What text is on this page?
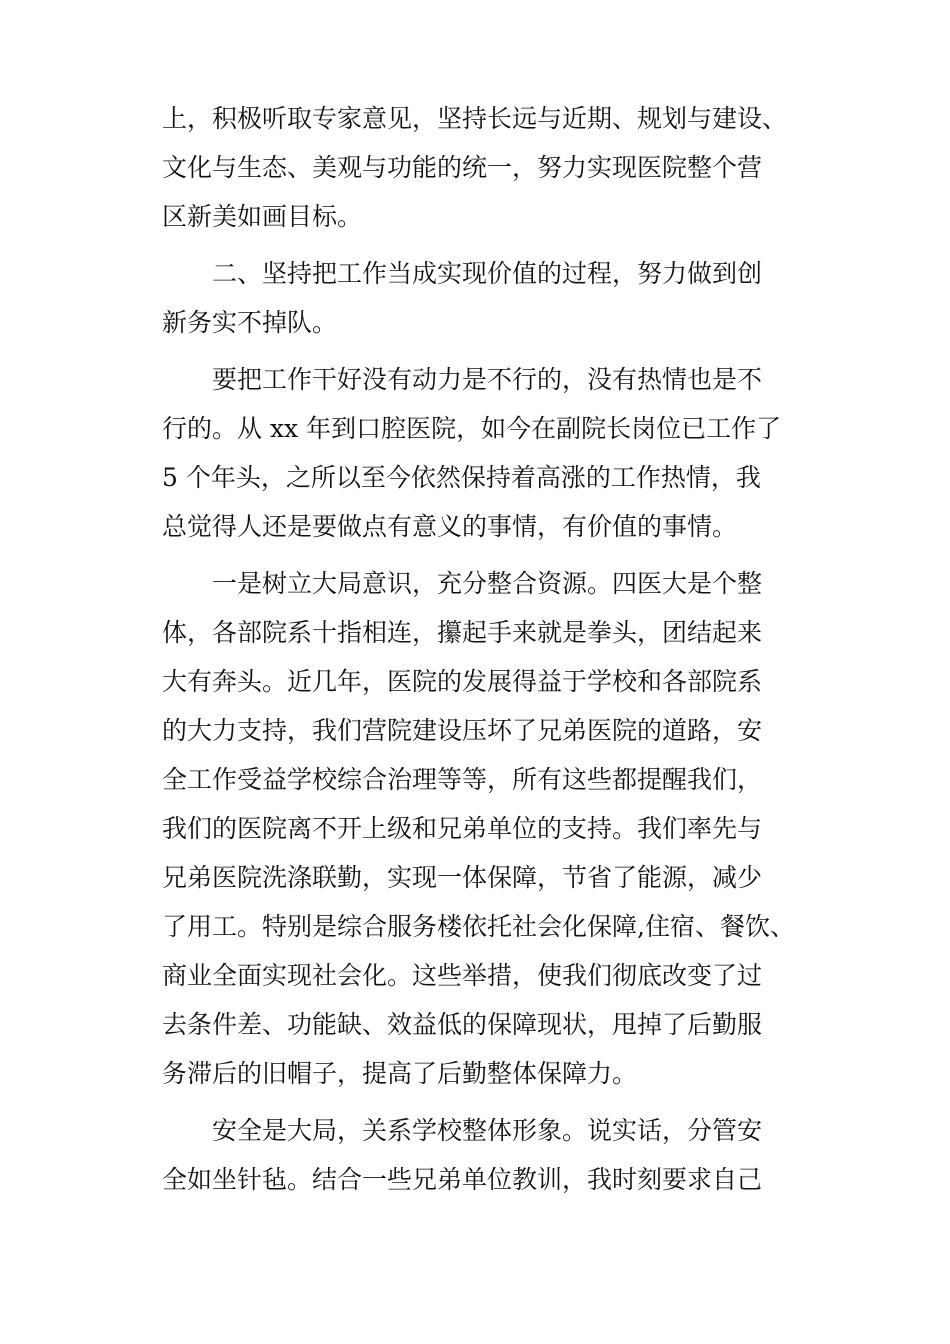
上，积极听取专家意见，坚持长远与近期、规划与建设、
文化与生态、美观与功能的统一，努力实现医院整个营
区新美如画目标。
二、坚持把工作当成实现价值的过程，努力做到创
新务实不掉队。
要把工作干好没有动力是不行的，没有热情也是不
行的。从 xx 年到口腔医院，如今在副院长岗位已工作了
5 个年头，之所以至今依然保持着高涨的工作热情，我
总觉得人还是要做点有意义的事情，有价值的事情。
一是树立大局意识，充分整合资源。四医大是个整
体，各部院系十指相连，攥起手来就是拳头，团结起来
大有奔头。近几年，医院的发展得益于学校和各部院系
的大力支持，我们营院建设压坏了兄弟医院的道路，安
全工作受益学校综合治理等等，所有这些都提醒我们，
我们的医院离不开上级和兄弟单位的支持。我们率先与
兄弟医院洗涤联勤，实现一体保障，节省了能源，减少
了用工。特别是综合服务楼依托社会化保障,住宿、餐饮、
商业全面实现社会化。这些举措，使我们彻底改变了过
去条件差、功能缺、效益低的保障现状，甩掉了后勤服
务滞后的旧帽子，提高了后勤整体保障力。
安全是大局，关系学校整体形象。说实话，分管安
全如坐针毡。结合一些兄弟单位教训，我时刻要求自己
